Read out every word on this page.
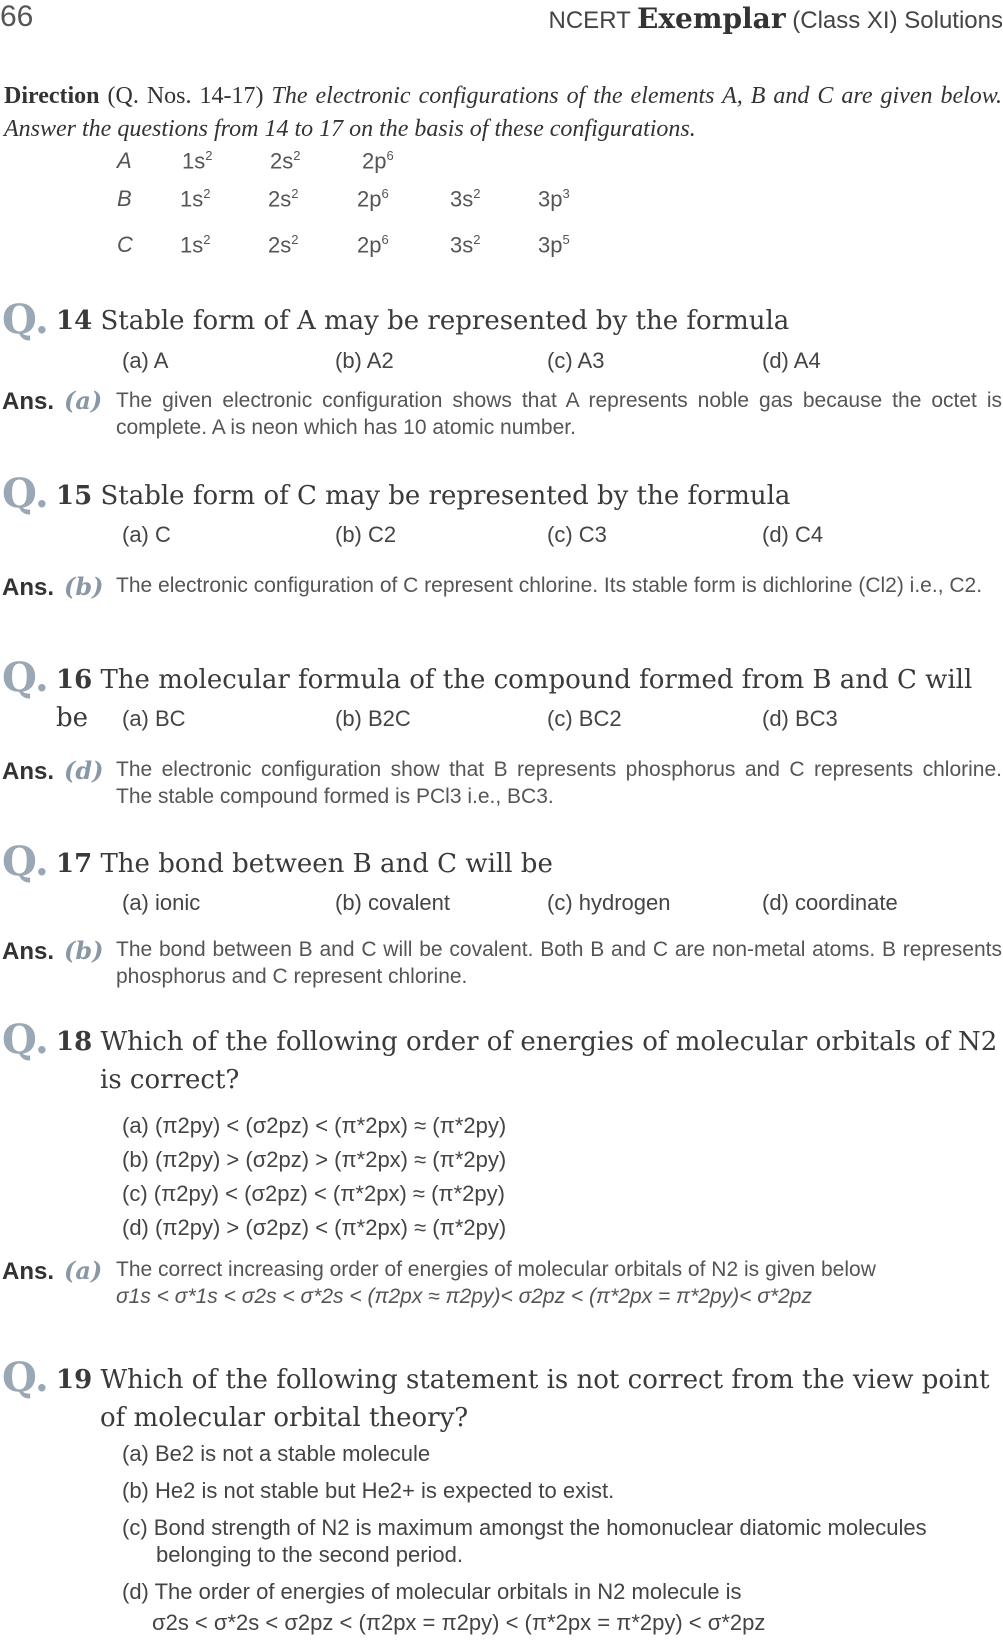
66	NCERT Exemplar (Class XI) Solutions
Direction (Q. Nos. 14-17) The electronic configurations of the elements A, B and C are given below. Answer the questions from 14 to 17 on the basis of these configurations.
A $1s^2$	$2s^2$	$2p^6$
B $1s^2$	$2s^2$	$2p^6$	$3s^2$	$3p^3$
C $1s^2$	$2s^2$	$2p^6$	$3s^2$	$3p^5$
Q. 14 Stable form of A may be represented by the formula
(a) A	(b) A2	(c) A3	(d) A4
Ans. (a) The given electronic configuration shows that A represents noble gas because the octet is complete. A is neon which has 10 atomic number.
Q. 15 Stable form of C may be represented by the formula
(a) C	(b) C2	(c) C3	(d) C4
Ans. (b) The electronic configuration of C represent chlorine. Its stable form is dichlorine (Cl2) i.e., C2.
Q. 16 The molecular formula of the compound formed from B and C will be	(a) BC	(b) B2C	(c) BC2	(d) BC3
Ans. (d) The electronic configuration show that B represents phosphorus and C represents chlorine. The stable compound formed is PCl3 i.e., BC3.
Q. 17 The bond between B and C will be
(a) ionic	(b) covalent	(c) hydrogen	(d) coordinate
Ans. (b) The bond between B and C will be covalent. Both B and C are non-metal atoms. B represents phosphorus and C represent chlorine.
Q. 18 Which of the following order of energies of molecular orbitals of N2 is correct?
(a) (π2py) < (σ2pz) < (π*2px) ≈ (π*2py)
(b) (π2py) > (σ2pz) > (π*2px) ≈ (π*2py)
(c) (π2py) < (σ2pz) < (π*2px) ≈ (π*2py)
(d) (π2py) > (σ2pz) < (π*2px) ≈ (π*2py)
Ans. (a) The correct increasing order of energies of molecular orbitals of N2 is given below
σ1s < σ*1s < σ2s < σ*2s < (π2px ≈ π2py)< σ2pz < (π*2px = π*2py)< σ*2pz
Q. 19 Which of the following statement is not correct from the view point of molecular orbital theory?
(a) Be2 is not a stable molecule
(b) He2 is not stable but He2+ is expected to exist.
(c) Bond strength of N2 is maximum amongst the homonuclear diatomic molecules belonging to the second period.
(d) The order of energies of molecular orbitals in N2 molecule is
σ2s < σ*2s < σ2pz < (π2px = π2py) < (π*2px = π*2py) < σ*2pz
